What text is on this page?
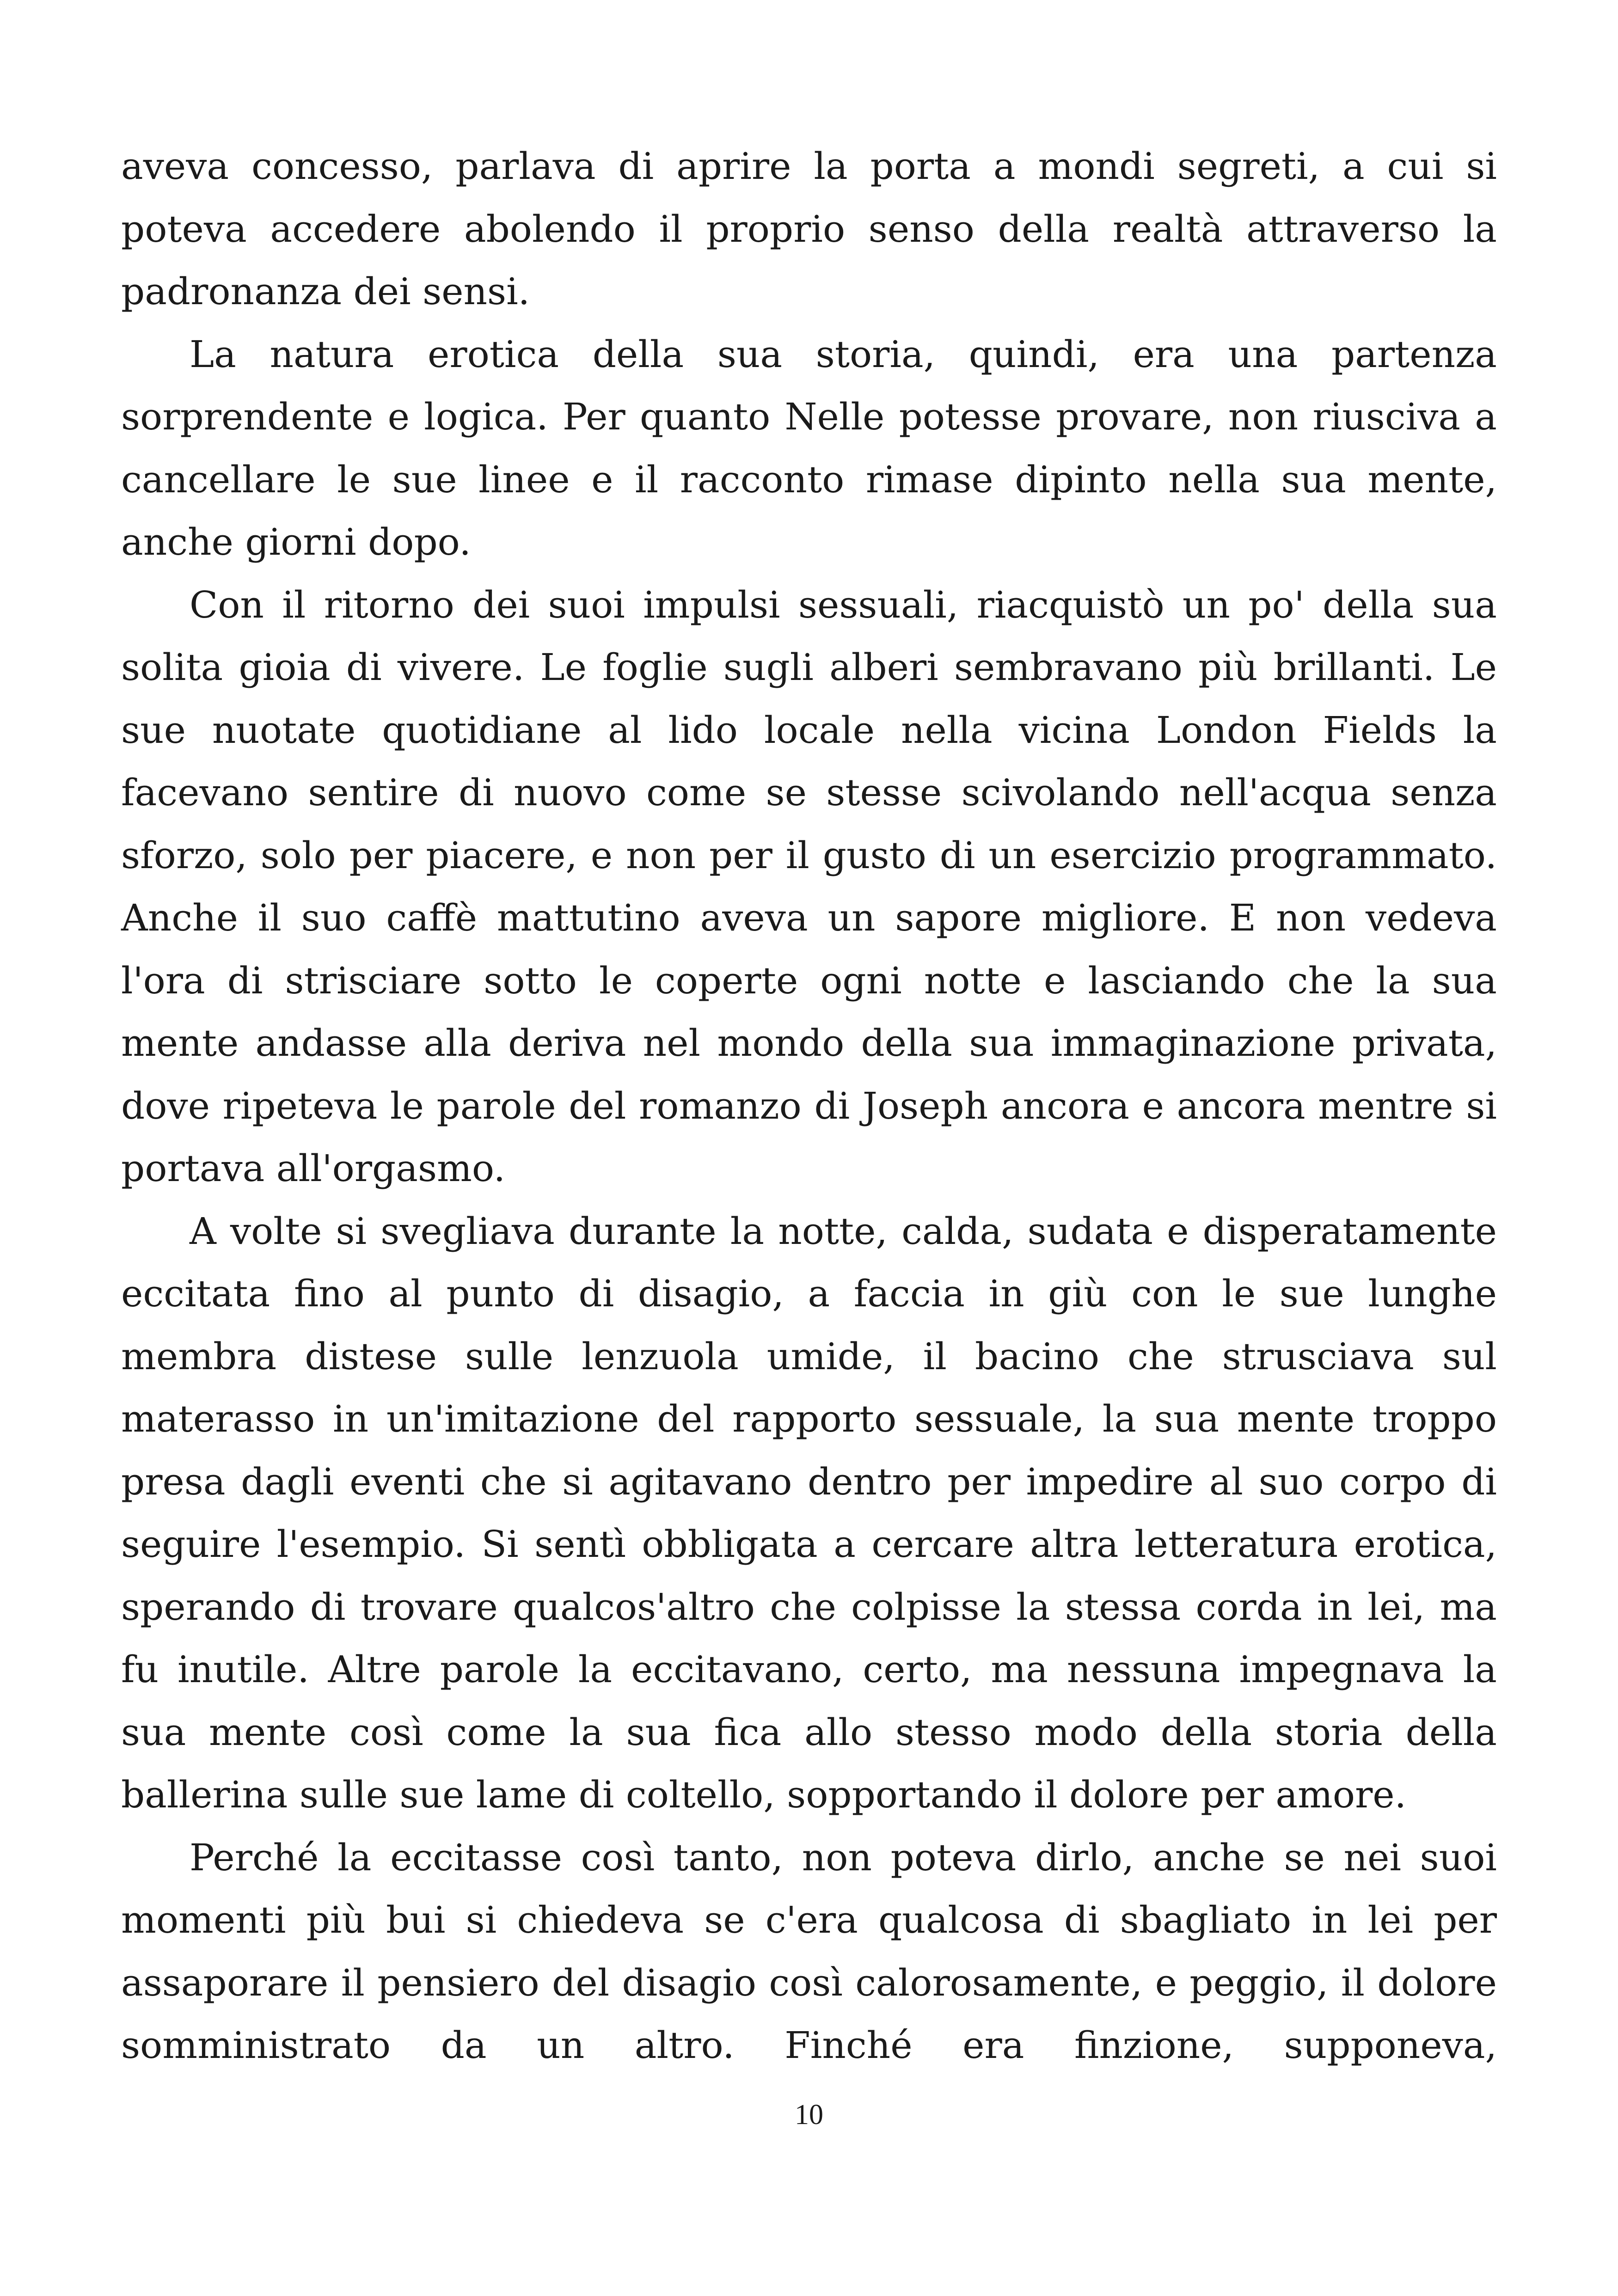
aveva concesso, parlava di aprire la porta a mondi segreti, a cui si poteva accedere abolendo il proprio senso della realtà attraverso la padronanza dei sensi.

La natura erotica della sua storia, quindi, era una partenza sorprendente e logica. Per quanto Nelle potesse provare, non riusciva a cancellare le sue linee e il racconto rimase dipinto nella sua mente, anche giorni dopo.

Con il ritorno dei suoi impulsi sessuali, riacquistò un po' della sua solita gioia di vivere. Le foglie sugli alberi sembravano più brillanti. Le sue nuotate quotidiane al lido locale nella vicina London Fields la facevano sentire di nuovo come se stesse scivolando nell'acqua senza sforzo, solo per piacere, e non per il gusto di un esercizio programmato. Anche il suo caffè mattutino aveva un sapore migliore. E non vedeva l'ora di strisciare sotto le coperte ogni notte e lasciando che la sua mente andasse alla deriva nel mondo della sua immaginazione privata, dove ripeteva le parole del romanzo di Joseph ancora e ancora mentre si portava all'orgasmo.

A volte si svegliava durante la notte, calda, sudata e disperatamente eccitata fino al punto di disagio, a faccia in giù con le sue lunghe membra distese sulle lenzuola umide, il bacino che strusciava sul materasso in un'imitazione del rapporto sessuale, la sua mente troppo presa dagli eventi che si agitavano dentro per impedire al suo corpo di seguire l'esempio. Si sentì obbligata a cercare altra letteratura erotica, sperando di trovare qualcos'altro che colpisse la stessa corda in lei, ma fu inutile. Altre parole la eccitavano, certo, ma nessuna impegnava la sua mente così come la sua fica allo stesso modo della storia della ballerina sulle sue lame di coltello, sopportando il dolore per amore.

Perché la eccitasse così tanto, non poteva dirlo, anche se nei suoi momenti più bui si chiedeva se c'era qualcosa di sbagliato in lei per assaporare il pensiero del disagio così calorosamente, e peggio, il dolore somministrato da un altro. Finché era finzione, supponeva,

10
